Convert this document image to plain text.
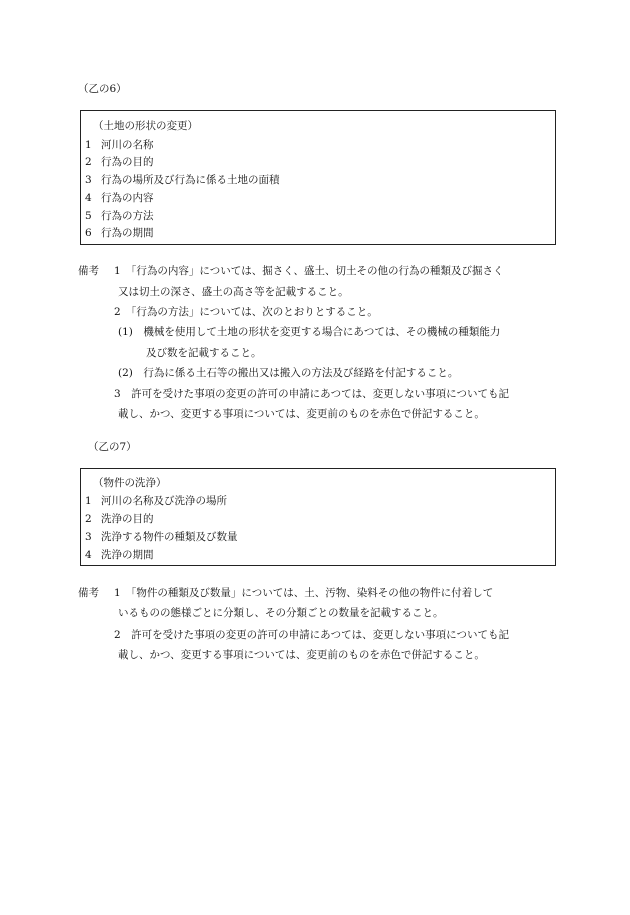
（乙の6）
（土地の形状の変更）
1 河川の名称
2 行為の目的
3 行為の場所及び行為に係る土地の面積
4 行為の内容
5 行為の方法
6 行為の期間
備考 1　「行為の内容」については、掘さく、盛土、切土その他の行為の種類及び掘さく
又は切土の深さ、盛土の高さ等を記載すること。
2　「行為の方法」については、次のとおりとすること。
(1)　機械を使用して土地の形状を変更する場合にあつては、その機械の種類能力
及び数を記載すること。
(2)　行為に係る土石等の搬出又は搬入の方法及び経路を付記すること。
3　許可を受けた事項の変更の許可の申請にあつては、変更しない事項についても記
載し、かつ、変更する事項については、変更前のものを赤色で併記すること。
（乙の7）
（物件の洗浄）
1 河川の名称及び洗浄の場所
2 洗浄の目的
3 洗浄する物件の種類及び数量
4 洗浄の期間
備考 1　「物件の種類及び数量」については、土、汚物、染料その他の物件に付着して
いるものの態様ごとに分類し、その分類ごとの数量を記載すること。
2　許可を受けた事項の変更の許可の申請にあつては、変更しない事項についても記
載し、かつ、変更する事項については、変更前のものを赤色で併記すること。
